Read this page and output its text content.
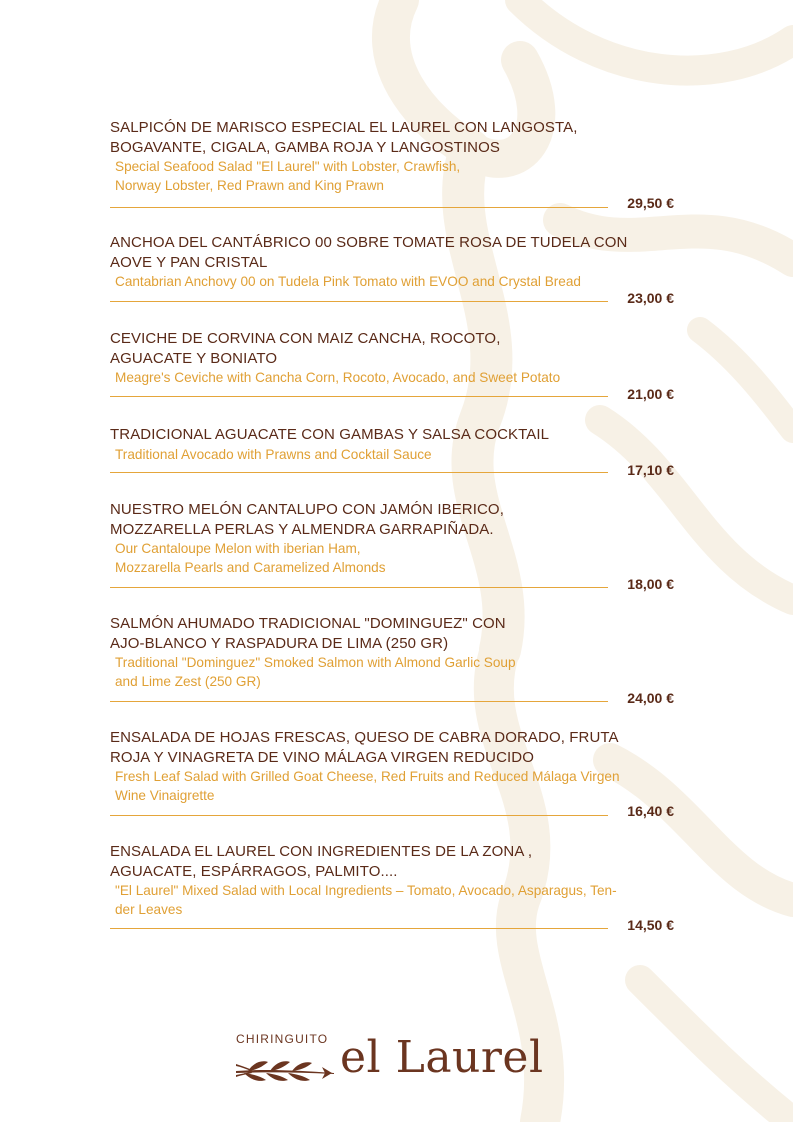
SALPICÓN DE MARISCO ESPECIAL EL LAUREL CON LANGOSTA,
BOGAVANTE, CIGALA, GAMBA ROJA Y LANGOSTINOS
Special Seafood Salad "El Laurel" with Lobster, Crawfish,
Norway Lobster, Red Prawn and King Prawn
29,50 €
ANCHOA DEL CANTÁBRICO 00 SOBRE TOMATE ROSA DE TUDELA CON
AOVE Y PAN CRISTAL
Cantabrian Anchovy 00 on Tudela Pink Tomato with EVOO and Crystal Bread
23,00 €
CEVICHE DE CORVINA CON MAIZ CANCHA, ROCOTO,
AGUACATE Y BONIATO
Meagre's Ceviche with Cancha Corn, Rocoto, Avocado, and Sweet Potato
21,00 €
TRADICIONAL AGUACATE CON GAMBAS Y SALSA COCKTAIL
Traditional Avocado with Prawns and Cocktail Sauce
17,10 €
NUESTRO MELÓN CANTALUPO CON JAMÓN IBERICO,
MOZZARELLA PERLAS Y ALMENDRA GARRAPIÑADA.
Our Cantaloupe Melon with iberian Ham,
Mozzarella Pearls and Caramelized Almonds
18,00 €
SALMÓN AHUMADO TRADICIONAL "DOMINGUEZ" CON
AJO-BLANCO Y RASPADURA DE LIMA (250 GR)
Traditional "Dominguez" Smoked Salmon with Almond Garlic Soup
and Lime Zest (250 GR)
24,00 €
ENSALADA DE HOJAS FRESCAS, QUESO DE CABRA DORADO, FRUTA
ROJA Y VINAGRETA DE VINO MÁLAGA VIRGEN REDUCIDO
Fresh Leaf Salad with Grilled Goat Cheese, Red Fruits and Reduced Málaga Virgen
Wine Vinaigrette
16,40 €
ENSALADA EL LAUREL CON INGREDIENTES DE LA ZONA ,
AGUACATE, ESPÁRRAGOS, PALMITO....
"El Laurel" Mixed Salad with Local Ingredients – Tomato, Avocado, Asparagus, Ten-
der Leaves
14,50 €
CHIRINGUITO el Laurel
